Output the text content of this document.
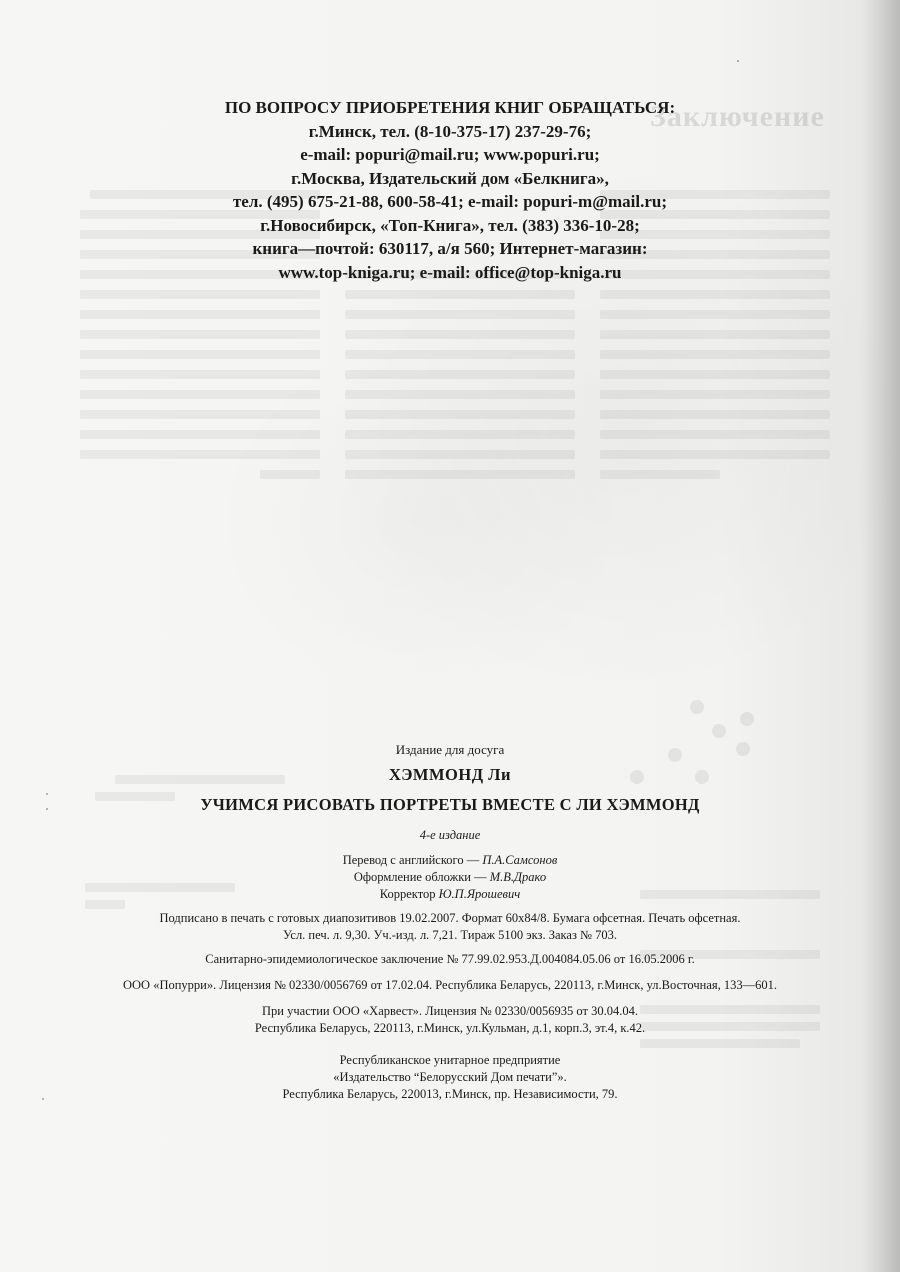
Заключение
ПО ВОПРОСУ ПРИОБРЕТЕНИЯ КНИГ ОБРАЩАТЬСЯ:
г.Минск, тел. (8-10-375-17) 237-29-76;
e-mail: popuri@mail.ru; www.popuri.ru;
г.Москва, Издательский дом «Белкнига»,
тел. (495) 675-21-88, 600-58-41; e-mail: popuri-m@mail.ru;
г.Новосибирск, «Топ-Книга», тел. (383) 336-10-28;
книга—почтой: 630117, а/я 560; Интернет-магазин:
www.top-kniga.ru; e-mail: office@top-kniga.ru
Издание для досуга
ХЭММОНД Ли
УЧИМСЯ РИСОВАТЬ ПОРТРЕТЫ ВМЕСТЕ С ЛИ ХЭММОНД
4-е издание
Перевод с английского — П.А.Самсонов
Оформление обложки — М.В.Драко
Корректор Ю.П.Ярошевич
Подписано в печать с готовых диапозитивов 19.02.2007. Формат 60х84/8. Бумага офсетная. Печать офсетная.
Усл. печ. л. 9,30. Уч.-изд. л. 7,21. Тираж 5100 экз. Заказ № 703.
Санитарно-эпидемиологическое заключение № 77.99.02.953.Д.004084.05.06 от 16.05.2006 г.
ООО «Попурри». Лицензия № 02330/0056769 от 17.02.04. Республика Беларусь, 220113, г.Минск, ул.Восточная, 133—601.
При участии ООО «Харвест». Лицензия № 02330/0056935 от 30.04.04.
Республика Беларусь, 220113, г.Минск, ул.Кульман, д.1, корп.3, эт.4, к.42.
Республиканское унитарное предприятие
«Издательство “Белорусский Дом печати”».
Республика Беларусь, 220013, г.Минск, пр. Независимости, 79.
